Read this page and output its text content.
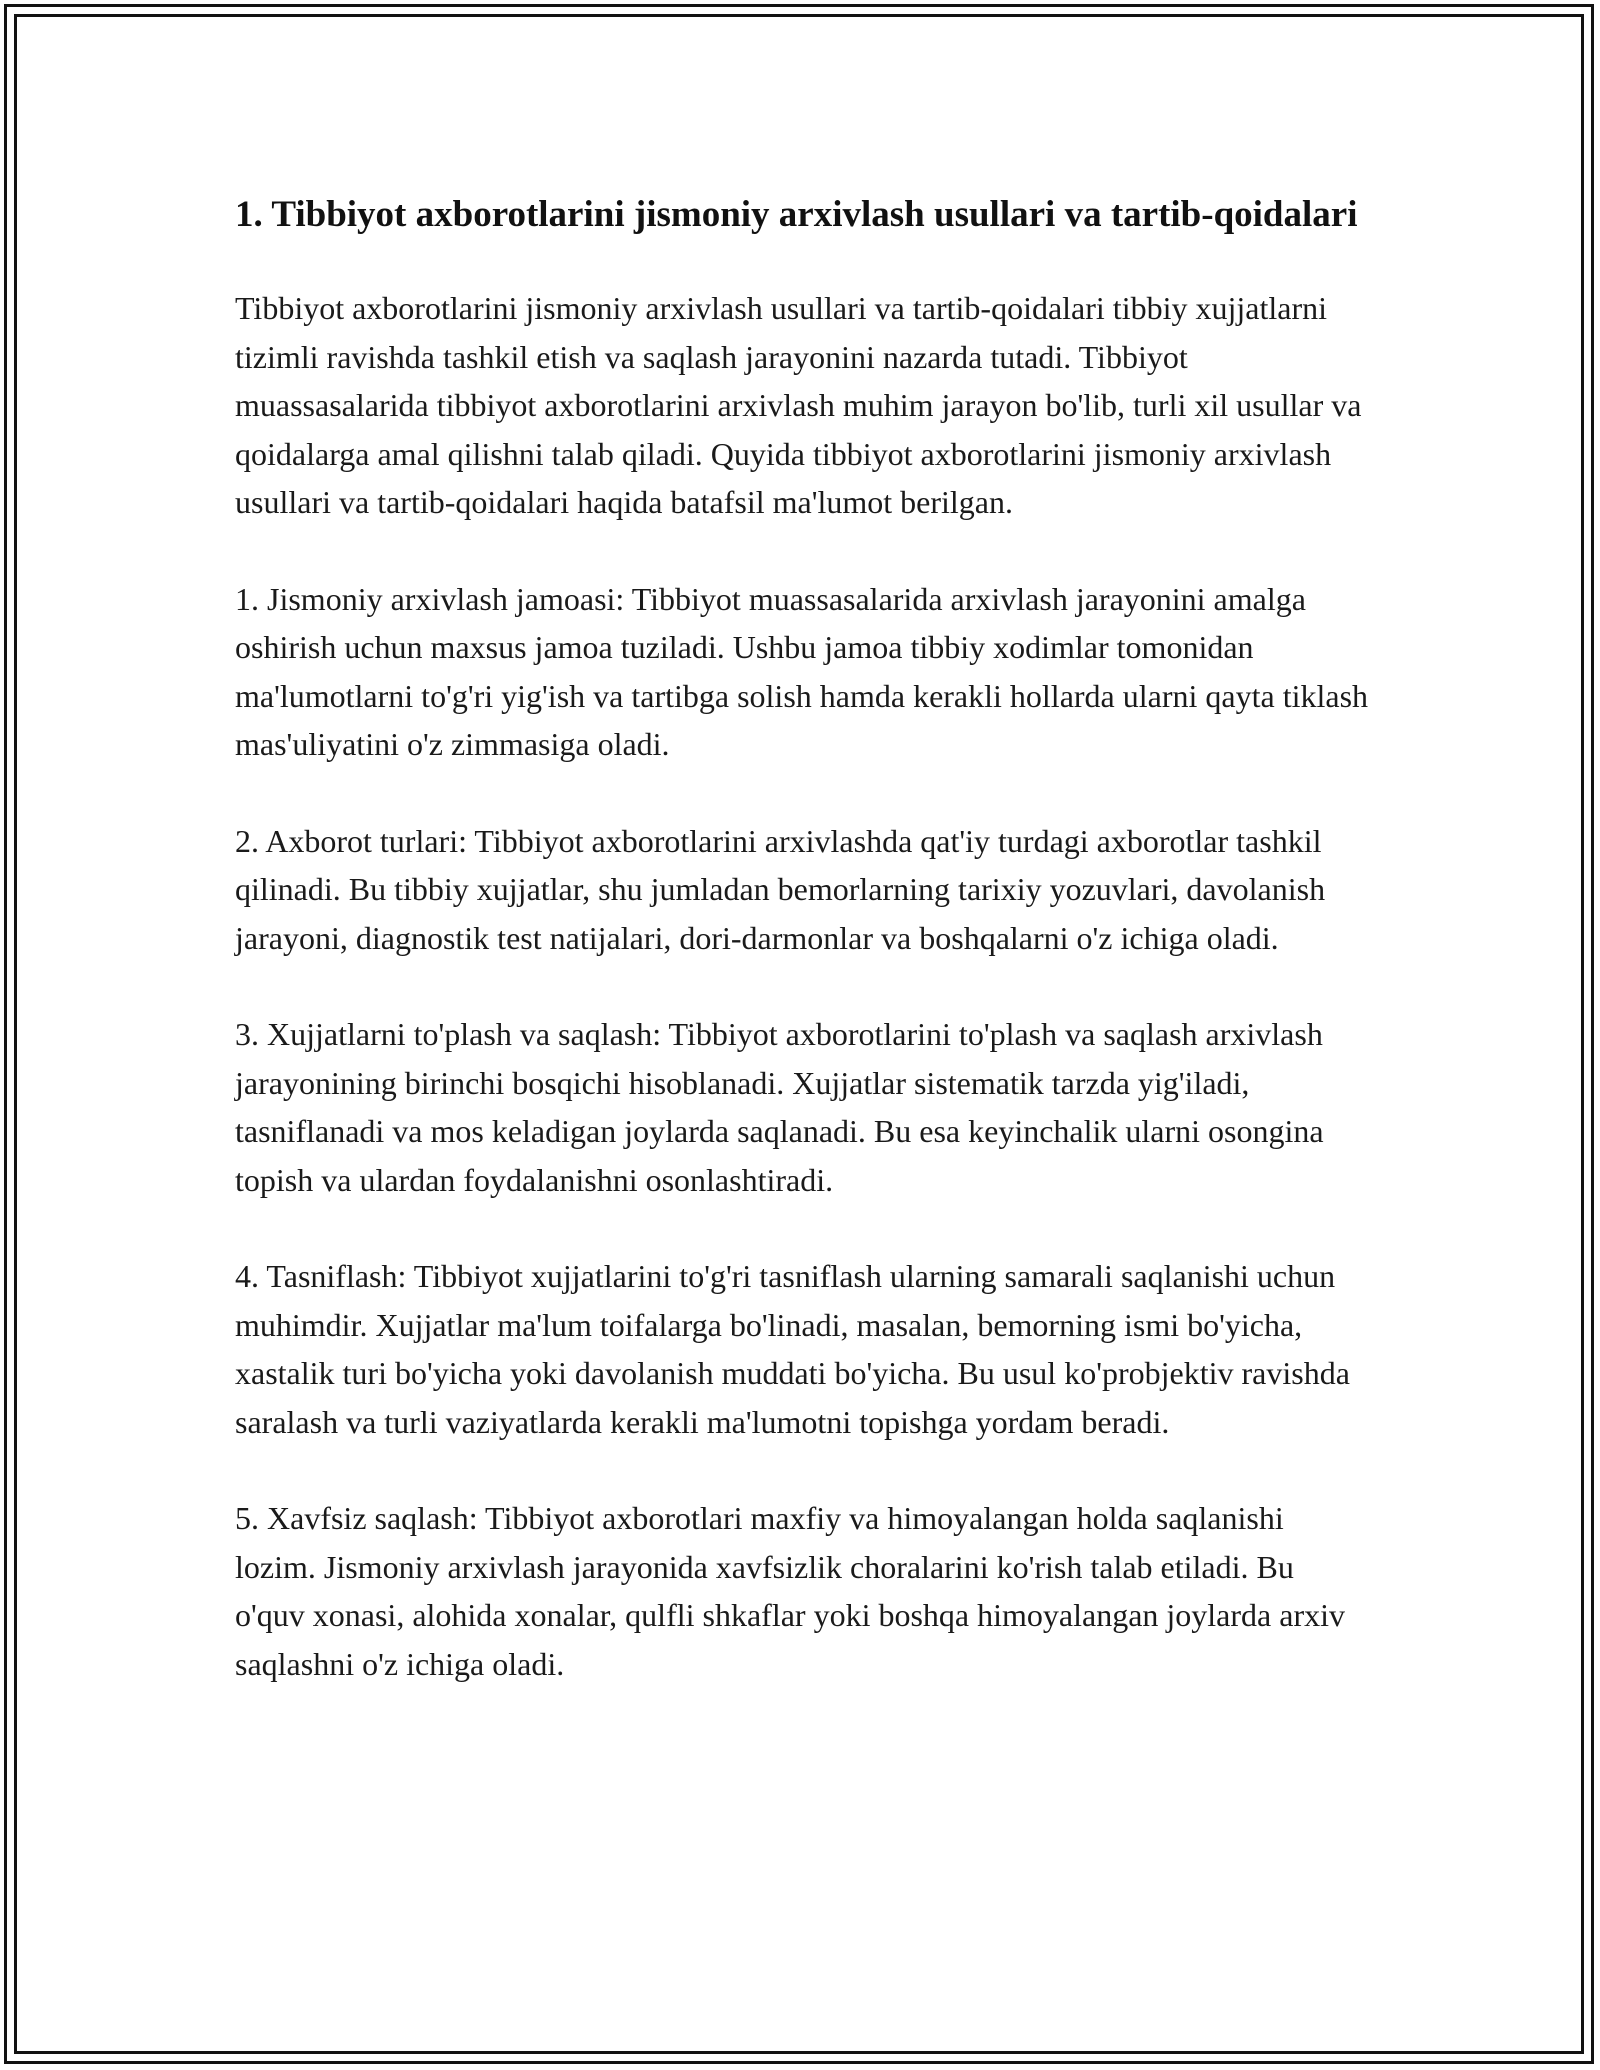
1. Tibbiyot axborotlarini jismoniy arxivlash usullari va tartib-qoidalari

Tibbiyot axborotlarini jismoniy arxivlash usullari va tartib-qoidalari tibbiy xujjatlarni tizimli ravishda tashkil etish va saqlash jarayonini nazarda tutadi. Tibbiyot muassasalarida tibbiyot axborotlarini arxivlash muhim jarayon bo'lib, turli xil usullar va qoidalarga amal qilishni talab qiladi. Quyida tibbiyot axborotlarini jismoniy arxivlash usullari va tartib-qoidalari haqida batafsil ma'lumot berilgan.

1. Jismoniy arxivlash jamoasi: Tibbiyot muassasalarida arxivlash jarayonini amalga oshirish uchun maxsus jamoa tuziladi. Ushbu jamoa tibbiy xodimlar tomonidan ma'lumotlarni to'g'ri yig'ish va tartibga solish hamda kerakli hollarda ularni qayta tiklash mas'uliyatini o'z zimmasiga oladi.

2. Axborot turlari: Tibbiyot axborotlarini arxivlashda qat'iy turdagi axborotlar tashkil qilinadi. Bu tibbiy xujjatlar, shu jumladan bemorlarning tarixiy yozuvlari, davolanish jarayoni, diagnostik test natijalari, dori-darmonlar va boshqalarni o'z ichiga oladi.

3. Xujjatlarni to'plash va saqlash: Tibbiyot axborotlarini to'plash va saqlash arxivlash jarayonining birinchi bosqichi hisoblanadi. Xujjatlar sistematik tarzda yig'iladi, tasniflanadi va mos keladigan joylarda saqlanadi. Bu esa keyinchalik ularni osongina topish va ulardan foydalanishni osonlashtiradi.

4. Tasniflash: Tibbiyot xujjatlarini to'g'ri tasniflash ularning samarali saqlanishi uchun muhimdir. Xujjatlar ma'lum toifalarga bo'linadi, masalan, bemorning ismi bo'yicha, xastalik turi bo'yicha yoki davolanish muddati bo'yicha. Bu usul ko'probjektiv ravishda saralash va turli vaziyatlarda kerakli ma'lumotni topishga yordam beradi.

5. Xavfsiz saqlash: Tibbiyot axborotlari maxfiy va himoyalangan holda saqlanishi lozim. Jismoniy arxivlash jarayonida xavfsizlik choralarini ko'rish talab etiladi. Bu o'quv xonasi, alohida xonalar, qulfli shkaflar yoki boshqa himoyalangan joylarda arxiv saqlashni o'z ichiga oladi.
